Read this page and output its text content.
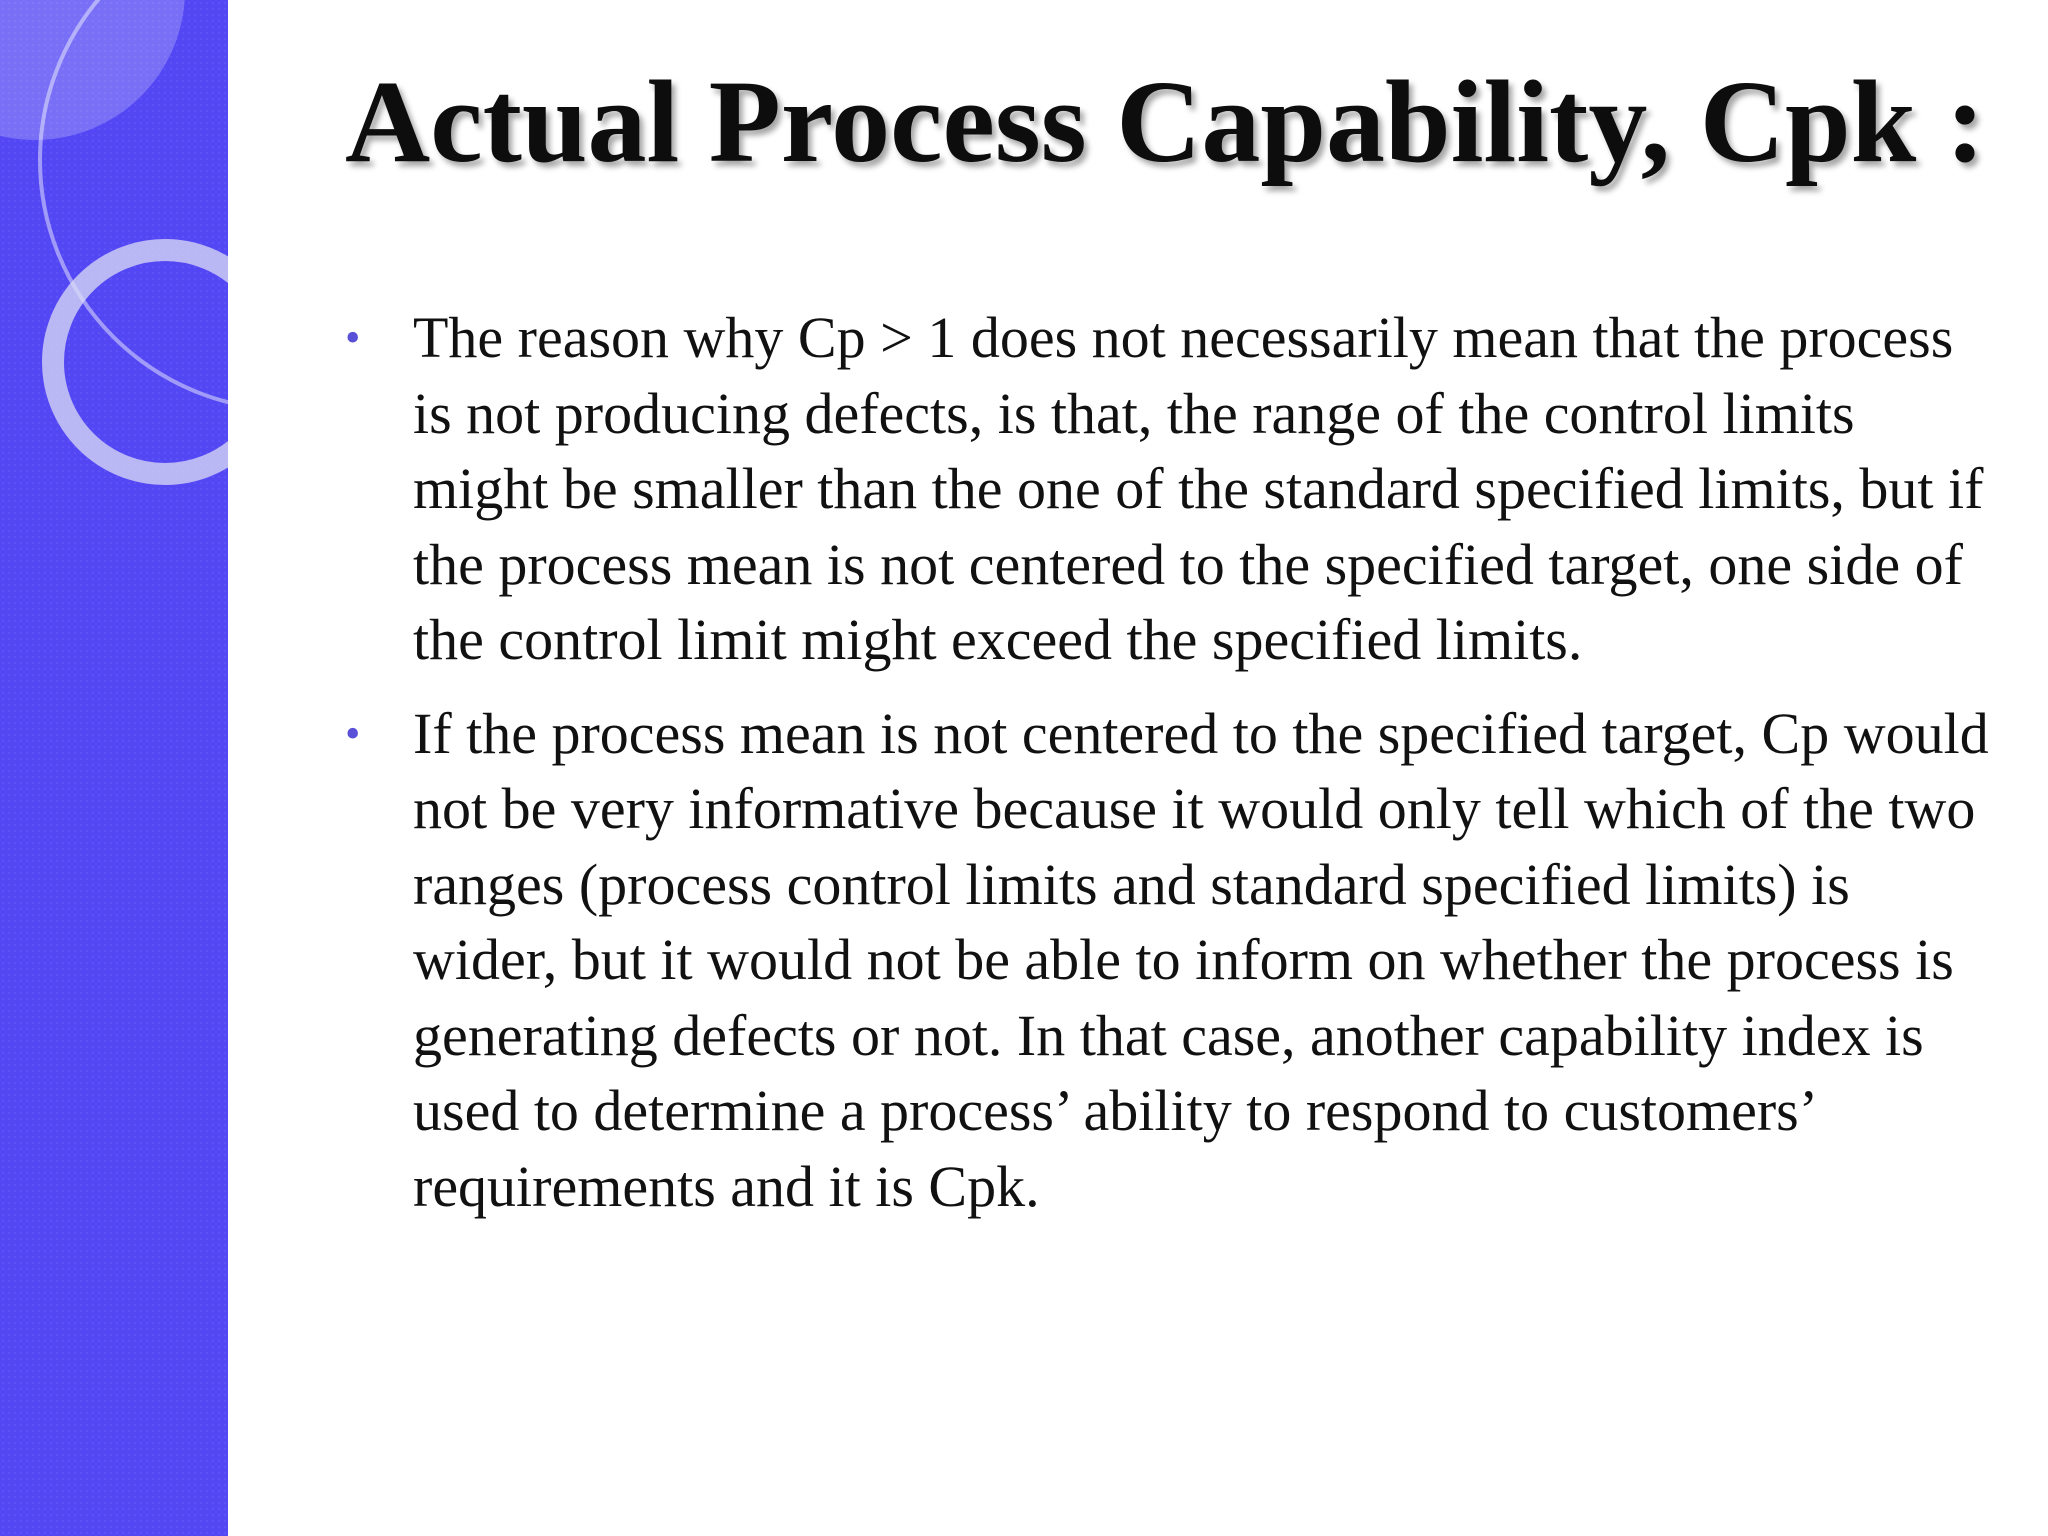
Actual Process Capability, Cpk :
• The reason why Cp > 1 does not necessarily mean that the process is not producing defects, is that, the range of the control limits might be smaller than the one of the standard specified limits, but if the process mean is not centered to the specified target, one side of the control limit might exceed the specified limits.
• If the process mean is not centered to the specified target, Cp would not be very informative because it would only tell which of the two ranges (process control limits and standard specified limits) is wider, but it would not be able to inform on whether the process is generating defects or not. In that case, another capability index is used to determine a process’ ability to respond to customers’ requirements and it is Cpk.
